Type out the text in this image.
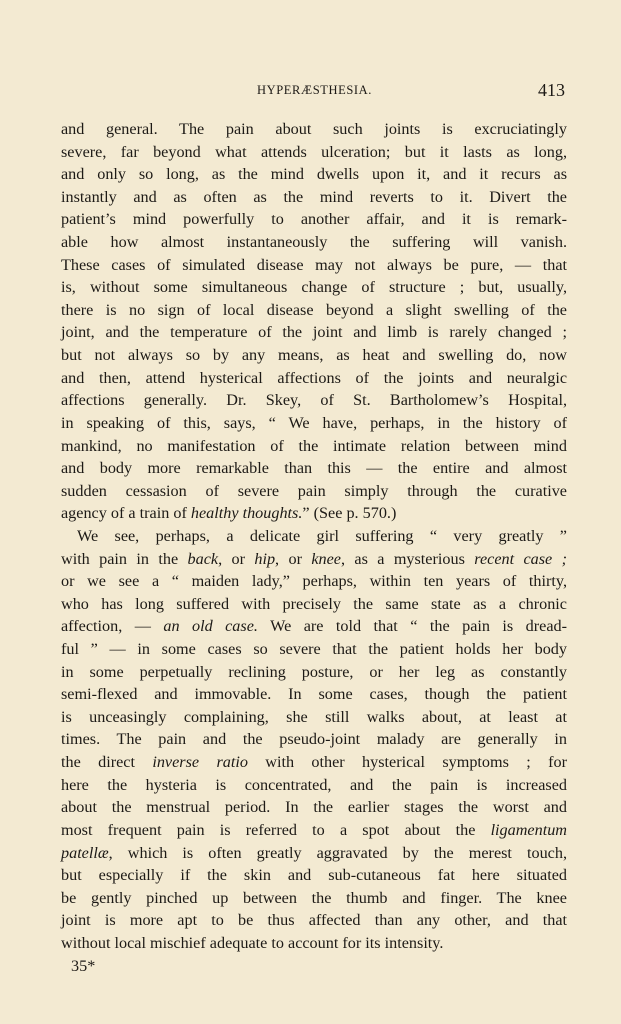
HYPERÆSTHESIA.	413
and general. The pain about such joints is excruciatingly
severe, far beyond what attends ulceration; but it lasts as long,
and only so long, as the mind dwells upon it, and it recurs as
instantly and as often as the mind reverts to it. Divert the
patient’s mind powerfully to another affair, and it is remark-
able how almost instantaneously the suffering will vanish.
These cases of simulated disease may not always be pure, — that
is, without some simultaneous change of structure ; but, usually,
there is no sign of local disease beyond a slight swelling of the
joint, and the temperature of the joint and limb is rarely changed ;
but not always so by any means, as heat and swelling do, now
and then, attend hysterical affections of the joints and neuralgic
affections generally. Dr. Skey, of St. Bartholomew’s Hospital,
in speaking of this, says, “ We have, perhaps, in the history of
mankind, no manifestation of the intimate relation between mind
and body more remarkable than this — the entire and almost
sudden cessasion of severe pain simply through the curative
agency of a train of healthy thoughts.” (See p. 570.)
We see, perhaps, a delicate girl suffering “ very greatly ”
with pain in the back, or hip, or knee, as a mysterious recent case ;
or we see a “ maiden lady,” perhaps, within ten years of thirty,
who has long suffered with precisely the same state as a chronic
affection, — an old case. We are told that “ the pain is dread-
ful ” — in some cases so severe that the patient holds her body
in some perpetually reclining posture, or her leg as constantly
semi-flexed and immovable. In some cases, though the patient
is unceasingly complaining, she still walks about, at least at
times. The pain and the pseudo-joint malady are generally in
the direct inverse ratio with other hysterical symptoms ; for
here the hysteria is concentrated, and the pain is increased
about the menstrual period. In the earlier stages the worst and
most frequent pain is referred to a spot about the ligamentum
patellæ, which is often greatly aggravated by the merest touch,
but especially if the skin and sub-cutaneous fat here situated
be gently pinched up between the thumb and finger. The knee
joint is more apt to be thus affected than any other, and that
without local mischief adequate to account for its intensity.
35*
